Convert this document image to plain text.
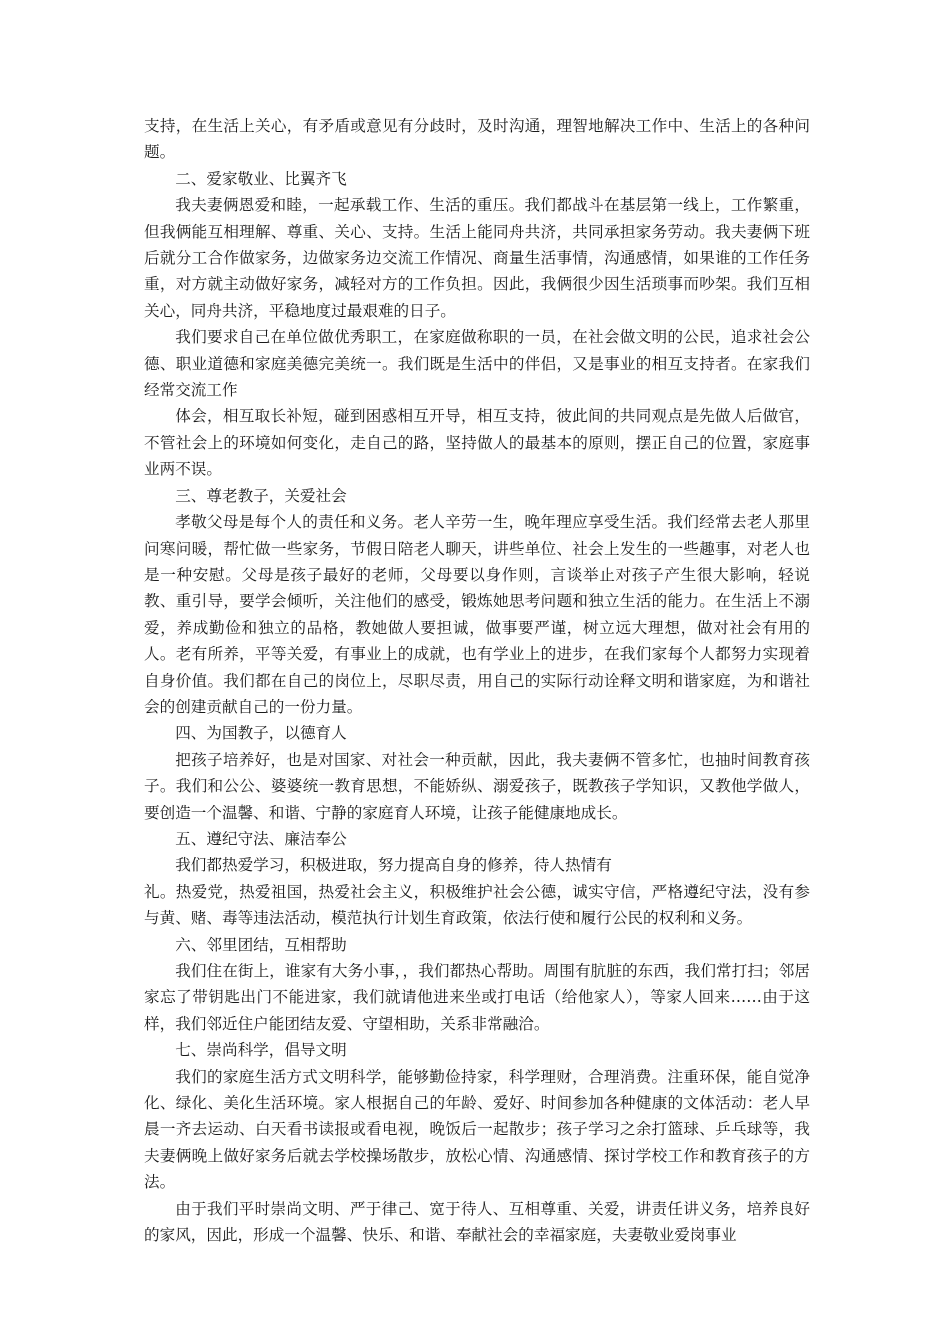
支持，在生活上关心，有矛盾或意见有分歧时，及时沟通，理智地解决工作中、生活上的各种问题。

二、爱家敬业、比翼齐飞

我夫妻俩恩爱和睦，一起承载工作、生活的重压。我们都战斗在基层第一线上，工作繁重，但我俩能互相理解、尊重、关心、支持。生活上能同舟共济，共同承担家务劳动。我夫妻俩下班后就分工合作做家务，边做家务边交流工作情况、商量生活事情，沟通感情，如果谁的工作任务重，对方就主动做好家务，减轻对方的工作负担。因此，我俩很少因生活琐事而吵架。我们互相关心，同舟共济，平稳地度过最艰难的日子。

我们要求自己在单位做优秀职工，在家庭做称职的一员，在社会做文明的公民，追求社会公德、职业道德和家庭美德完美统一。我们既是生活中的伴侣，又是事业的相互支持者。在家我们经常交流工作

体会，相互取长补短，碰到困惑相互开导，相互支持，彼此间的共同观点是先做人后做官，不管社会上的环境如何变化，走自己的路，坚持做人的最基本的原则，摆正自己的位置，家庭事业两不误。

三、尊老教子，关爱社会

孝敬父母是每个人的责任和义务。老人辛劳一生，晚年理应享受生活。我们经常去老人那里问寒问暖，帮忙做一些家务，节假日陪老人聊天，讲些单位、社会上发生的一些趣事，对老人也是一种安慰。父母是孩子最好的老师，父母要以身作则，言谈举止对孩子产生很大影响，轻说教、重引导，要学会倾听，关注他们的感受，锻炼她思考问题和独立生活的能力。在生活上不溺爱，养成勤俭和独立的品格，教她做人要担诚，做事要严谨，树立远大理想，做对社会有用的人。老有所养，平等关爱，有事业上的成就，也有学业上的进步，在我们家每个人都努力实现着自身价值。我们都在自己的岗位上，尽职尽责，用自己的实际行动诠释文明和谐家庭，为和谐社会的创建贡献自己的一份力量。

四、为国教子，以德育人

把孩子培养好，也是对国家、对社会一种贡献，因此，我夫妻俩不管多忙，也抽时间教育孩子。我们和公公、婆婆统一教育思想，不能娇纵、溺爱孩子，既教孩子学知识，又教他学做人，要创造一个温馨、和谐、宁静的家庭育人环境，让孩子能健康地成长。

五、遵纪守法、廉洁奉公

我们都热爱学习，积极进取，努力提高自身的修养，待人热情有

礼。热爱党，热爱祖国，热爱社会主义，积极维护社会公德，诚实守信，严格遵纪守法，没有参与黄、赌、毒等违法活动，模范执行计划生育政策，依法行使和履行公民的权利和义务。

六、邻里团结，互相帮助

我们住在街上，谁家有大务小事，，我们都热心帮助。周围有肮脏的东西，我们常打扫；邻居家忘了带钥匙出门不能进家，我们就请他进来坐或打电话（给他家人），等家人回来……由于这样，我们邻近住户能团结友爱、守望相助，关系非常融洽。

七、崇尚科学，倡导文明

我们的家庭生活方式文明科学，能够勤俭持家，科学理财，合理消费。注重环保，能自觉净化、绿化、美化生活环境。家人根据自己的年龄、爱好、时间参加各种健康的文体活动：老人早晨一齐去运动、白天看书读报或看电视，晚饭后一起散步；孩子学习之余打篮球、乒乓球等，我夫妻俩晚上做好家务后就去学校操场散步，放松心情、沟通感情、探讨学校工作和教育孩子的方法。

由于我们平时崇尚文明、严于律己、宽于待人、互相尊重、关爱，讲责任讲义务，培养良好的家风，因此，形成一个温馨、快乐、和谐、奉献社会的幸福家庭，夫妻敬业爱岗事业
